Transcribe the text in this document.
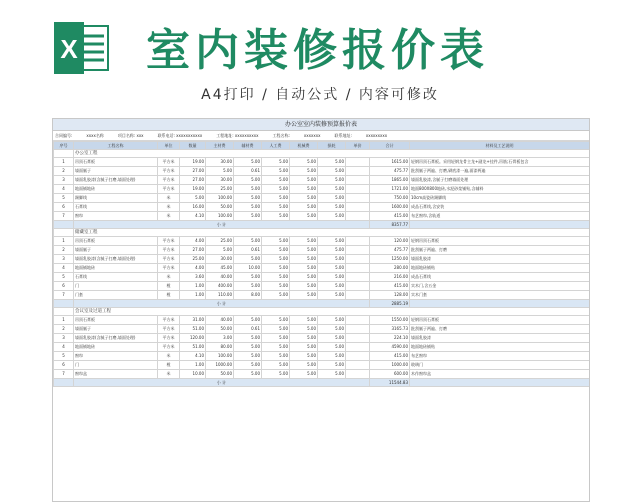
X 室内装修报价表
A4打印 / 自动公式 / 内容可修改
办公室室内装修预算报价表
合同编号:	xxxx名称	项目名称: xxx	联系电话: xxxxxxxxxxx	工程地址: xxxxxxxxxx	工程名称:	xxxxxxx	联系地址:	xxxxxxxxx
序号	工程名称	单位	数量	主材费	辅材费	人工费	机械费	损耗	单价	合计	材料及工艺说明
	办公室工程										
1	吊顶石膏板	平方米	19.00	30.00	5.00	5.00	5.00	5.00		1615.00	轻钢吊顶石膏板。采用轻钢龙骨主龙+副龙+挂件,吊筋;石膏板包含
2	墙面腻子	平方米	27.00	5.00	0.61	5.00	5.00	5.00		475.77	批刮腻子两遍、打磨,刷底漆一遍,面漆两遍
3	墙面乳胶漆(含腻子打磨,墙面处理)	平方米	27.00	30.00	5.00	5.00	5.00	5.00		1865.00	墙面乳胶漆,含腻子打磨墙面处理
4	地面铺地砖	平方米	19.00	25.00	5.00	5.00	5.00	5.00		1721.00	地面800X800地砖,水泥砂浆铺贴,含辅料
5	踢脚线	米	5.00	100.00	5.00	5.00	5.00	5.00		750.00	10cm高瓷砖踢脚线
6	石膏线	米	16.00	50.00	5.00	5.00	5.00	5.00		1600.00	成品石膏线,含安装
7	窗帘	米	4.10	100.00	5.00	5.00	5.00	5.00		415.00	布艺窗帘,含轨道
	小 计									8357.77	
	储藏室工程										
1	吊顶石膏板	平方米	4.00	25.00	5.00	5.00	5.00	5.00		120.00	轻钢吊顶石膏板
2	墙面腻子	平方米	27.00	5.00	0.61	5.00	5.00	5.00		475.77	批刮腻子两遍、打磨
3	墙面乳胶漆(含腻子打磨,墙面处理)	平方米	25.00	30.00	5.00	5.00	5.00	5.00		1250.00	墙面乳胶漆
4	地面铺地砖	平方米	4.00	45.00	10.00	5.00	5.00	5.00		280.00	地面地砖铺贴
5	石膏线	米	3.60	40.00	5.00	5.00	5.00	5.00		216.00	成品石膏线
6	门	樘	1.00	400.00	5.00	5.00	5.00	5.00		415.00	实木门,含五金
7	门套	樘	1.00	110.00	8.00	5.00	5.00	5.00		128.00	实木门套
	小 计									2885.19	
	会议室及过道工程										
1	吊顶石膏板	平方米	31.00	40.00	5.00	5.00	5.00	5.00		1550.00	轻钢吊顶石膏板
2	墙面腻子	平方米	51.00	50.00	0.61	5.00	5.00	5.00		3165.73	批刮腻子两遍、打磨
3	墙面乳胶漆(含腻子打磨,墙面处理)	平方米	120.00	3.00	5.00	5.00	5.00	5.00		224.10	墙面乳胶漆
4	地面铺地砖	平方米	51.00	80.00	5.00	5.00	5.00	5.00		4590.00	地面地砖铺贴
5	窗帘	米	4.10	100.00	5.00	5.00	5.00	5.00		415.00	布艺窗帘
6	门	樘	1.00	1000.00	5.00	5.00	5.00	5.00		1000.00	玻璃门
7	窗帘盒	米	10.00	50.00	5.00	5.00	5.00	5.00		600.00	木作窗帘盒
	小 计									11544.83	
